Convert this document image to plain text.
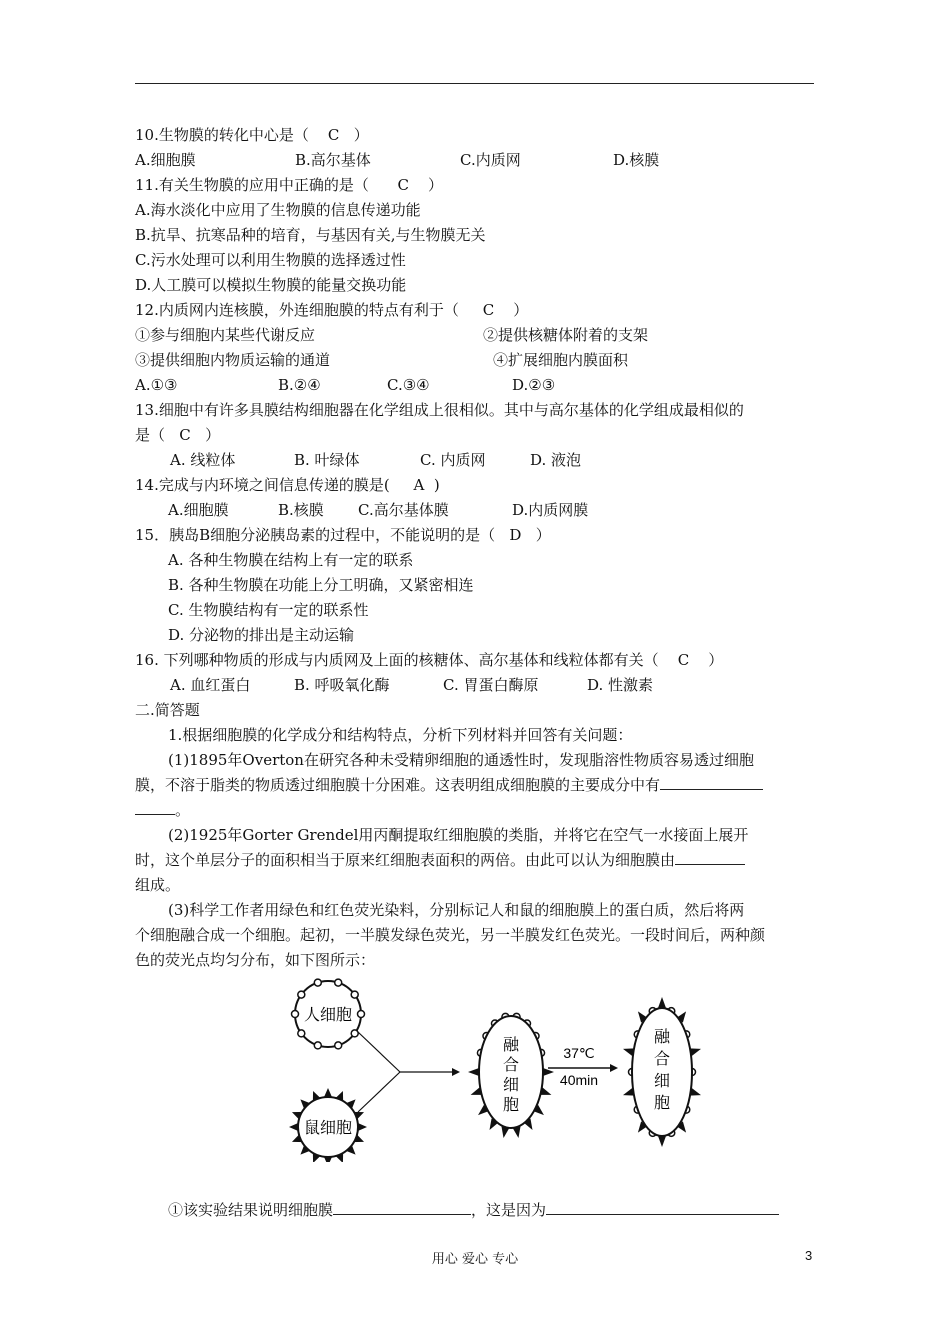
10.生物膜的转化中心是（    C   ）
A.细胞膜	B.高尔基体	C.内质网	D.核膜
11.有关生物膜的应用中正确的是（      C    ）
A.海水淡化中应用了生物膜的信息传递功能
B.抗旱、抗寒品种的培育，与基因有关,与生物膜无关
C.污水处理可以利用生物膜的选择透过性
D.人工膜可以模拟生物膜的能量交换功能
12.内质网内连核膜，外连细胞膜的特点有利于（     C    ）
①参与细胞内某些代谢反应	②提供核糖体附着的支架
③提供细胞内物质运输的通道	④扩展细胞内膜面积
A.①③	B.②④	C.③④	D.②③
13.细胞中有许多具膜结构细胞器在化学组成上很相似。其中与高尔基体的化学组成最相似的
是（   C   ）
A. 线粒体	B. 叶绿体	C. 内质网	D. 液泡
14.完成与内环境之间信息传递的膜是(     A  )
A.细胞膜	B.核膜 C.高尔基体膜	D.内质网膜
15．胰岛B细胞分泌胰岛素的过程中，不能说明的是（   D   ）
A. 各种生物膜在结构上有一定的联系
B. 各种生物膜在功能上分工明确，又紧密相连
C. 生物膜结构有一定的联系性
D. 分泌物的排出是主动运输
16. 下列哪种物质的形成与内质网及上面的核糖体、高尔基体和线粒体都有关（    C    ）
A. 血红蛋白	B. 呼吸氧化酶	C. 胃蛋白酶原	D. 性激素
二.简答题
1.根据细胞膜的化学成分和结构特点，分析下列材料并回答有关问题：
(1)1895年Overton在研究各种未受精卵细胞的通透性时，发现脂溶性物质容易透过细胞
膜，不溶于脂类的物质透过细胞膜十分困难。这表明组成细胞膜的主要成分中有
。
(2)1925年Gorter Grendel用丙酮提取红细胞膜的类脂，并将它在空气一水接面上展开
时，这个单层分子的面积相当于原来红细胞表面积的两倍。由此可以认为细胞膜由
组成。
(3)科学工作者用绿色和红色荧光染料，分别标记人和鼠的细胞膜上的蛋白质，然后将两
个细胞融合成一个细胞。起初，一半膜发绿色荧光，另一半膜发红色荧光。一段时间后，两种颜
色的荧光点均匀分布，如下图所示：
人细胞
鼠细胞
融
合
细
胞
37℃
40min
融
合
细
胞
①该实验结果说明细胞膜	，这是因为
用心 爱心 专心	3
